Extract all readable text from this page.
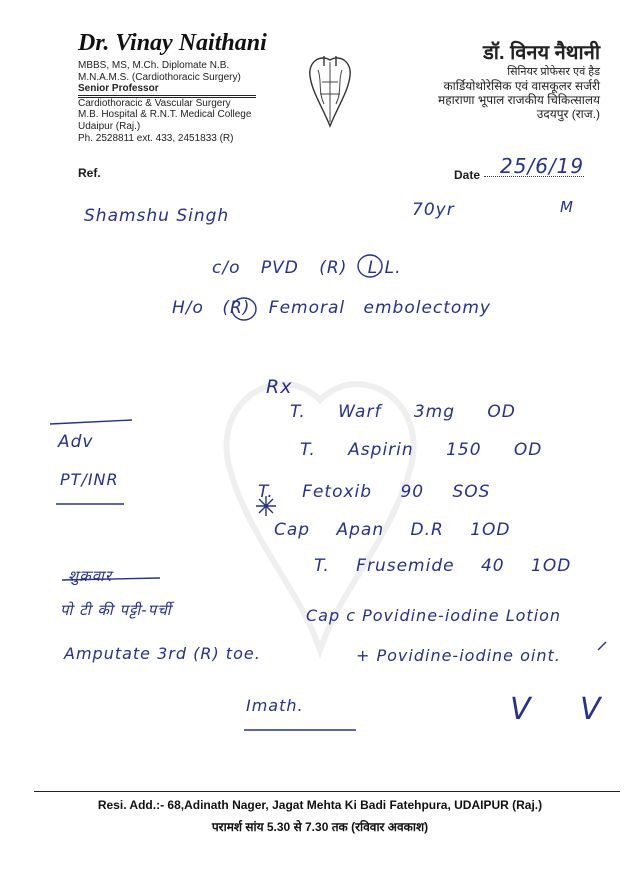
Dr. Vinay Naithani
MBBS, MS, M.Ch. Diplomate N.B.
M.N.A.M.S. (Cardiothoracic Surgery)
Senior Professor
Cardiothoracic & Vascular Surgery
M.B. Hospital & R.N.T. Medical College
Udaipur (Raj.)
Ph. 2528811 ext. 433, 2451833 (R)
डॉ. विनय नैथानी
सिनियर प्रोफेसर एवं हैड
कार्डियोथोरेसिक एवं वासकूलर सर्जरी
महाराणा भूपाल राजकीय चिकित्सालय
उदयपुर (राज.)
Ref.	Date 25/6/19
Shamshu Singh	70yr	M
c/o PVD (R) L.L.
H/o (R) Femoral embolectomy
Rx
T. Warf 3mg OD
T. Aspirin 150 OD
T. Fetoxib 90 SOS
Cap Apan D.R 1OD
T. Frusemide 40 1OD
Cap c Povidine-iodine Lotion
+ Povidine-iodine oint.
Adv
PT/INR
शुक्रवार
पो टी की पट्टी-पर्ची
Amputate 3rd (R) toe.
Imath.	V V
Resi. Add.:- 68,Adinath Nager, Jagat Mehta Ki Badi Fatehpura, UDAIPUR (Raj.)
परामर्श सांय 5.30 से 7.30 तक (रविवार अवकाश)
